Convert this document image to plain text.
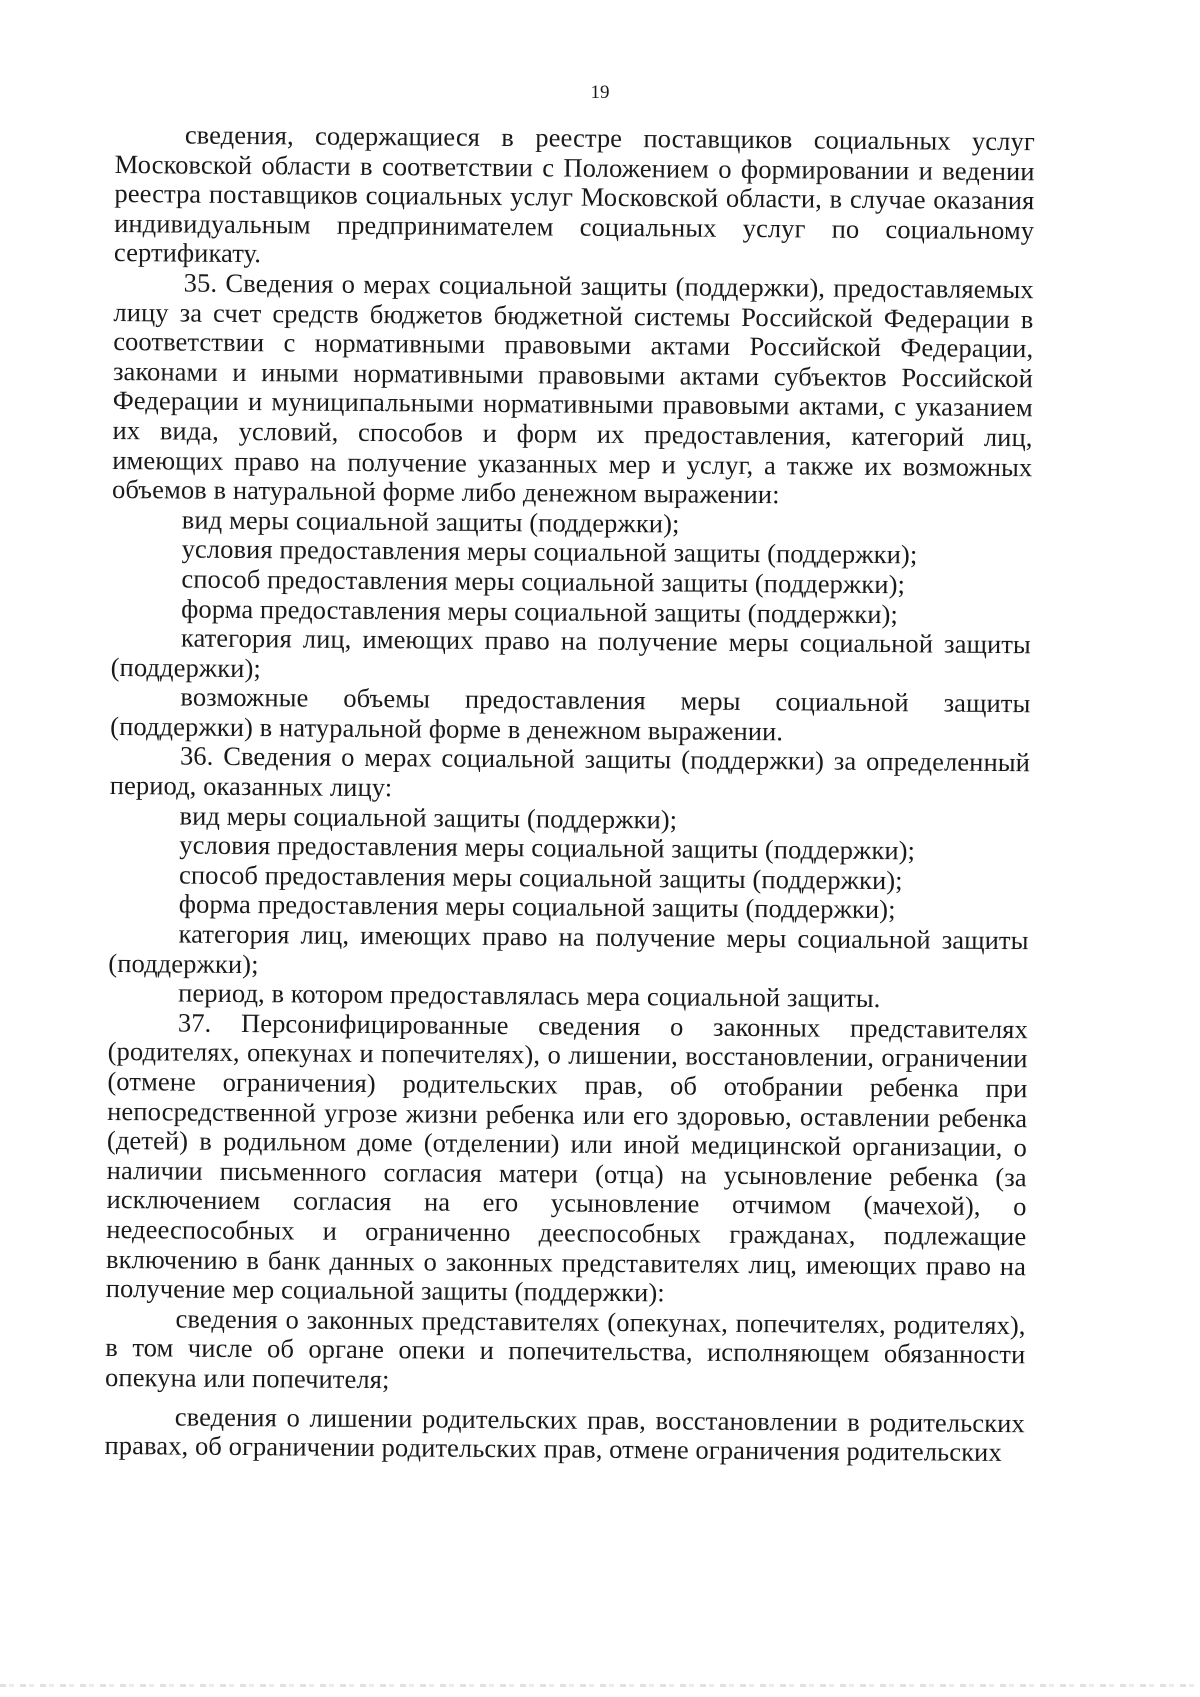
19

сведения, содержащиеся в реестре поставщиков социальных услуг Московской области в соответствии с Положением о формировании и ведении реестра поставщиков социальных услуг Московской области, в случае оказания индивидуальным предпринимателем социальных услуг по социальному сертификату.

35. Сведения о мерах социальной защиты (поддержки), предоставляемых лицу за счет средств бюджетов бюджетной системы Российской Федерации в соответствии с нормативными правовыми актами Российской Федерации, законами и иными нормативными правовыми актами субъектов Российской Федерации и муниципальными нормативными правовыми актами, с указанием их вида, условий, способов и форм их предоставления, категорий лиц, имеющих право на получение указанных мер и услуг, а также их возможных объемов в натуральной форме либо денежном выражении:

вид меры социальной защиты (поддержки);

условия предоставления меры социальной защиты (поддержки);

способ предоставления меры социальной защиты (поддержки);

форма предоставления меры социальной защиты (поддержки);

категория лиц, имеющих право на получение меры социальной защиты (поддержки);

возможные объемы предоставления меры социальной защиты (поддержки) в натуральной форме в денежном выражении.

36. Сведения о мерах социальной защиты (поддержки) за определенный период, оказанных лицу:

вид меры социальной защиты (поддержки);

условия предоставления меры социальной защиты (поддержки);

способ предоставления меры социальной защиты (поддержки);

форма предоставления меры социальной защиты (поддержки);

категория лиц, имеющих право на получение меры социальной защиты (поддержки);

период, в котором предоставлялась мера социальной защиты.

37. Персонифицированные сведения о законных представителях (родителях, опекунах и попечителях), о лишении, восстановлении, ограничении (отмене ограничения) родительских прав, об отобрании ребенка при непосредственной угрозе жизни ребенка или его здоровью, оставлении ребенка (детей) в родильном доме (отделении) или иной медицинской организации, о наличии письменного согласия матери (отца) на усыновление ребенка (за исключением согласия на его усыновление отчимом (мачехой), о недееспособных и ограниченно дееспособных гражданах, подлежащие включению в банк данных о законных представителях лиц, имеющих право на получение мер социальной защиты (поддержки):

сведения о законных представителях (опекунах, попечителях, родителях), в том числе об органе опеки и попечительства, исполняющем обязанности опекуна или попечителя;

сведения о лишении родительских прав, восстановлении в родительских правах, об ограничении родительских прав, отмене ограничения родительских
